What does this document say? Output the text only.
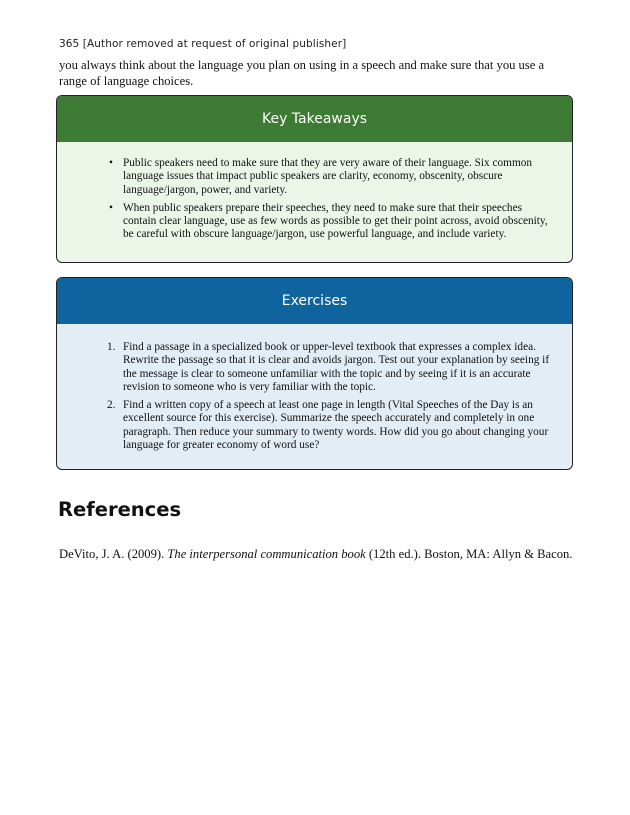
365 [Author removed at request of original publisher]

you always think about the language you plan on using in a speech and make sure that you use a range of language choices.

Key Takeaways
• Public speakers need to make sure that they are very aware of their language. Six common language issues that impact public speakers are clarity, economy, obscenity, obscure language/jargon, power, and variety.
• When public speakers prepare their speeches, they need to make sure that their speeches contain clear language, use as few words as possible to get their point across, avoid obscenity, be careful with obscure language/jargon, use powerful language, and include variety.
Exercises
1. Find a passage in a specialized book or upper-level textbook that expresses a complex idea. Rewrite the passage so that it is clear and avoids jargon. Test out your explanation by seeing if the message is clear to someone unfamiliar with the topic and by seeing if it is an accurate revision to someone who is very familiar with the topic.
2. Find a written copy of a speech at least one page in length (Vital Speeches of the Day is an excellent source for this exercise). Summarize the speech accurately and completely in one paragraph. Then reduce your summary to twenty words. How did you go about changing your language for greater economy of word use?
References

DeVito, J. A. (2009). The interpersonal communication book (12th ed.). Boston, MA: Allyn & Bacon.
